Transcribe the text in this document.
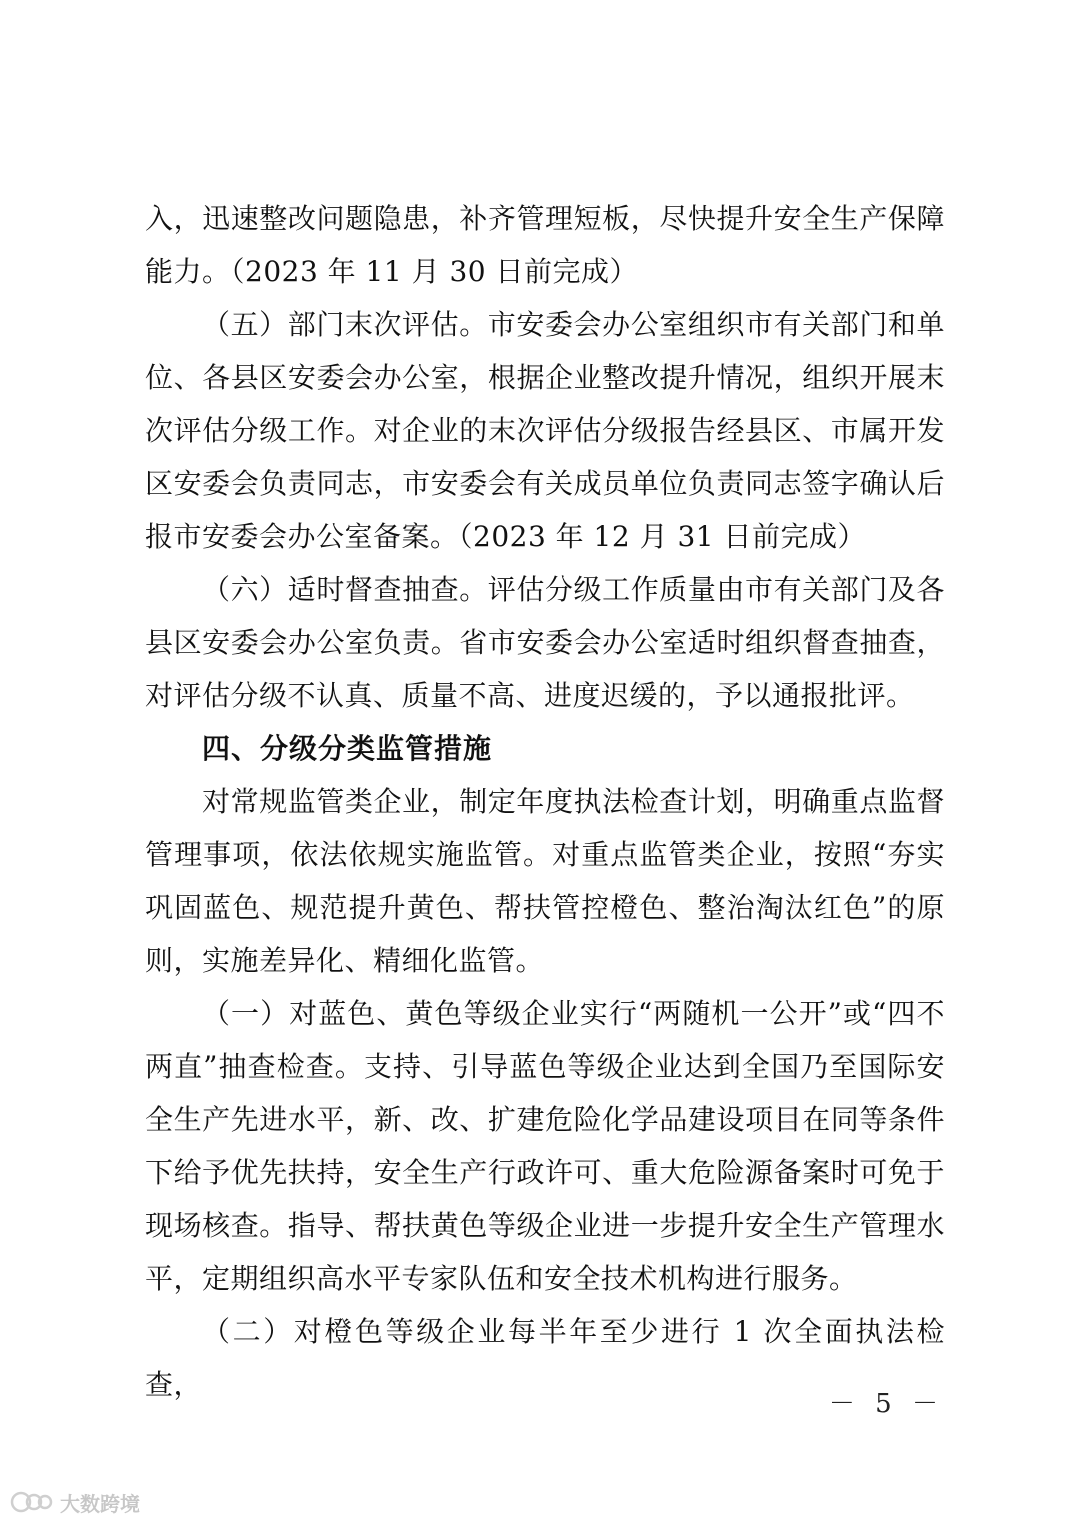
入，迅速整改问题隐患，补齐管理短板，尽快提升安全生产保障能力。（2023 年 11 月 30 日前完成）

（五）部门末次评估。市安委会办公室组织市有关部门和单位、各县区安委会办公室，根据企业整改提升情况，组织开展末次评估分级工作。对企业的末次评估分级报告经县区、市属开发区安委会负责同志，市安委会有关成员单位负责同志签字确认后报市安委会办公室备案。（2023 年 12 月 31 日前完成）

（六）适时督查抽查。评估分级工作质量由市有关部门及各县区安委会办公室负责。省市安委会办公室适时组织督查抽查，对评估分级不认真、质量不高、进度迟缓的，予以通报批评。

四、分级分类监管措施

对常规监管类企业，制定年度执法检查计划，明确重点监督管理事项，依法依规实施监管。对重点监管类企业，按照“夯实巩固蓝色、规范提升黄色、帮扶管控橙色、整治淘汰红色”的原则，实施差异化、精细化监管。

（一）对蓝色、黄色等级企业实行“两随机一公开”或“四不两直”抽查检查。支持、引导蓝色等级企业达到全国乃至国际安全生产先进水平，新、改、扩建危险化学品建设项目在同等条件下给予优先扶持，安全生产行政许可、重大危险源备案时可免于现场核查。指导、帮扶黄色等级企业进一步提升安全生产管理水平，定期组织高水平专家队伍和安全技术机构进行服务。

（二）对橙色等级企业每半年至少进行 1 次全面执法检查，

－ 5 －
大数跨境
